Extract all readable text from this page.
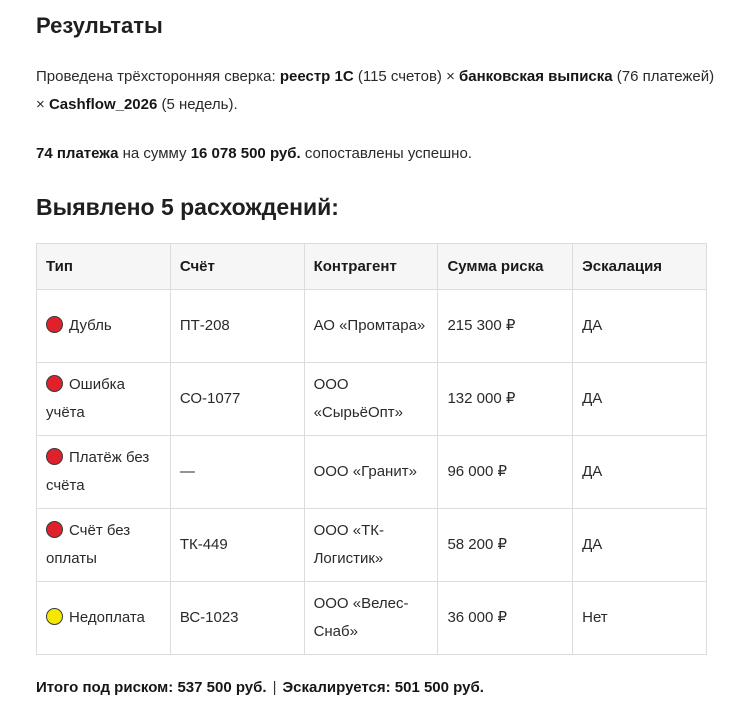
Результаты
Проведена трёхсторонняя сверка: реестр 1С (115 счетов) × банковская выписка (76 платежей) × Cashflow_2026 (5 недель).
74 платежа на сумму 16 078 500 руб. сопоставлены успешно.
Выявлено 5 расхождений:
Тип	Счёт	Контрагент	Сумма риска	Эскалация
Дубль	ПТ-208	АО «Промтара»	215 300 ₽	ДА
Ошибка учёта	СО-1077	ООО «СырьёОпт»	132 000 ₽	ДА
Платёж без счёта	—	ООО «Гранит»	96 000 ₽	ДА
Счёт без оплаты	ТК-449	ООО «ТК-Логистик»	58 200 ₽	ДА
Недоплата	ВС-1023	ООО «Велес-Снаб»	36 000 ₽	Нет
Итого под риском: 537 500 руб. | Эскалируется: 501 500 руб.
